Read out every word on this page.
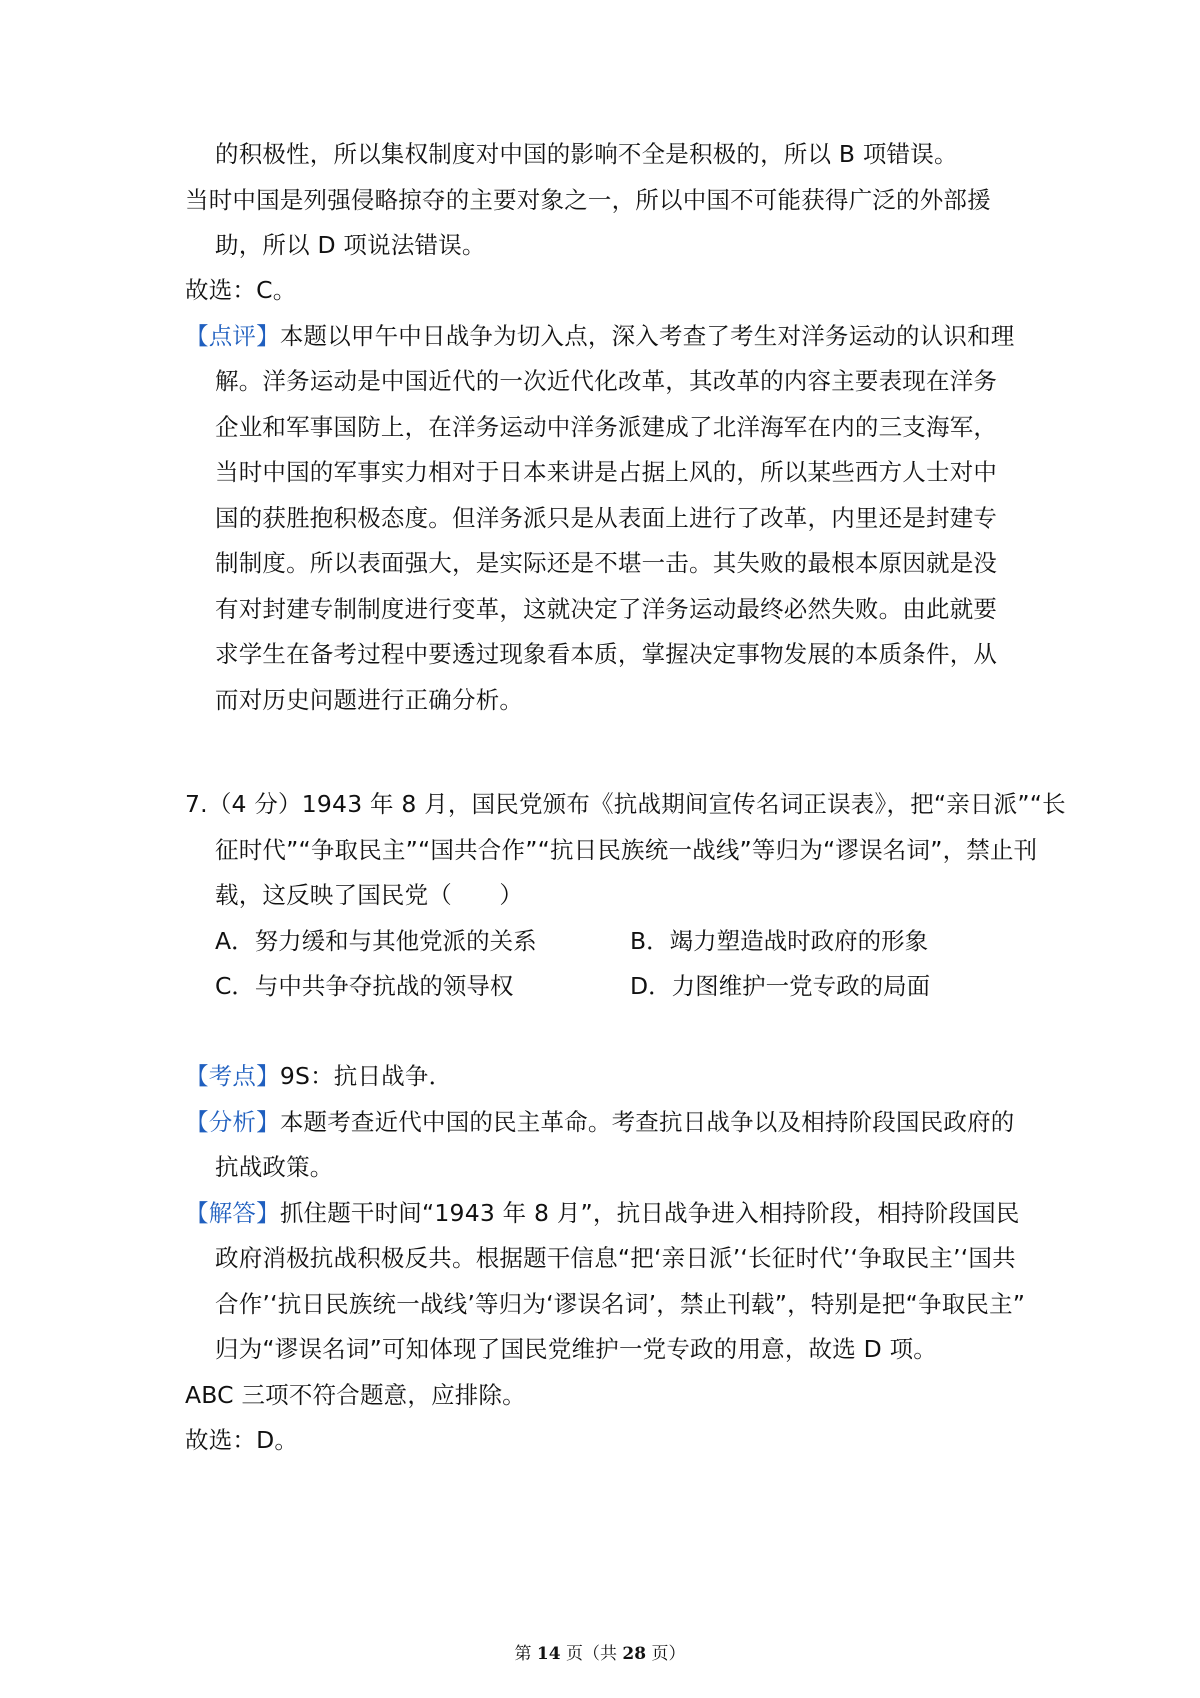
的积极性，所以集权制度对中国的影响不全是积极的，所以 B 项错误。
当时中国是列强侵略掠夺的主要对象之一，所以中国不可能获得广泛的外部援
助，所以 D 项说法错误。
故选：C。
【点评】本题以甲午中日战争为切入点，深入考查了考生对洋务运动的认识和理
解。洋务运动是中国近代的一次近代化改革，其改革的内容主要表现在洋务
企业和军事国防上，在洋务运动中洋务派建成了北洋海军在内的三支海军，
当时中国的军事实力相对于日本来讲是占据上风的，所以某些西方人士对中
国的获胜抱积极态度。但洋务派只是从表面上进行了改革，内里还是封建专
制制度。所以表面强大，是实际还是不堪一击。其失败的最根本原因就是没
有对封建专制制度进行变革，这就决定了洋务运动最终必然失败。由此就要
求学生在备考过程中要透过现象看本质，掌握决定事物发展的本质条件，从
而对历史问题进行正确分析。
7.（4 分）1943 年 8 月，国民党颁布《抗战期间宣传名词正误表》，把“亲日派”“长
征时代”“争取民主”“国共合作”“抗日民族统一战线”等归为“谬误名词”，禁止刊
载，这反映了国民党（　　）
A．努力缓和与其他党派的关系	B．竭力塑造战时政府的形象
C．与中共争夺抗战的领导权	D．力图维护一党专政的局面
【考点】9S：抗日战争．
【分析】本题考查近代中国的民主革命。考查抗日战争以及相持阶段国民政府的
抗战政策。
【解答】抓住题干时间“1943 年 8 月”，抗日战争进入相持阶段，相持阶段国民
政府消极抗战积极反共。根据题干信息“把‘亲日派’‘长征时代’‘争取民主’‘国共
合作’‘抗日民族统一战线’等归为‘谬误名词’，禁止刊载”，特别是把“争取民主”
归为“谬误名词”可知体现了国民党维护一党专政的用意，故选 D 项。
ABC 三项不符合题意，应排除。
故选：D。
第 14 页（共 28 页）
